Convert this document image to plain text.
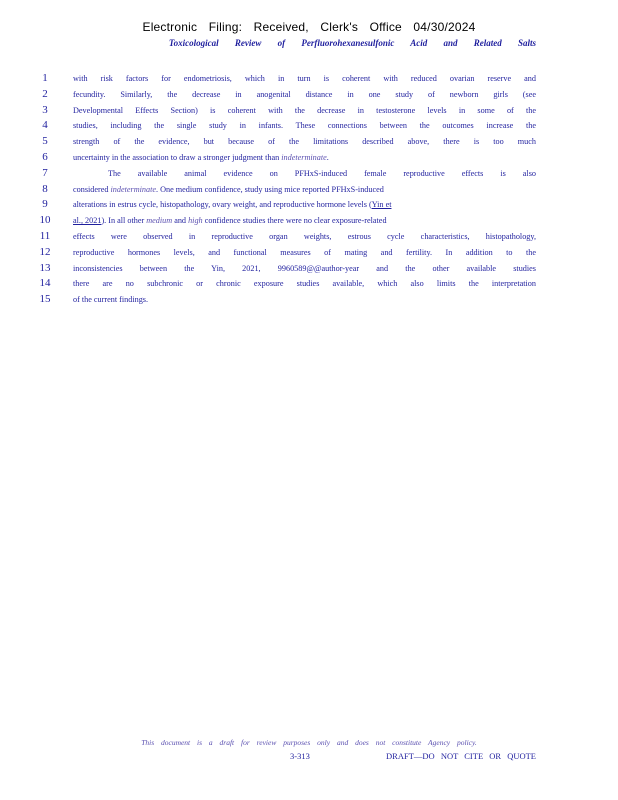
Electronic Filing: Received, Clerk's Office 04/30/2024
Toxicological Review of Perfluorohexanesulfonic Acid and Related Salts
1	with risk factors for endometriosis, which in turn is coherent with reduced ovarian reserve and
2	fecundity. Similarly, the decrease in anogenital distance in one study of newborn girls (see
3	Developmental Effects Section) is coherent with the decrease in testosterone levels in some of the
4	studies, including the single study in infants. These connections between the outcomes increase the
5	strength of the evidence, but because of the limitations described above, there is too much
6	uncertainty in the association to draw a stronger judgment than indeterminate.
7	The available animal evidence on PFHxS-induced female reproductive effects is also
8	considered indeterminate. One medium confidence, study using mice reported PFHxS-induced
9	alterations in estrus cycle, histopathology, ovary weight, and reproductive hormone levels (Yin et
10	al., 2021). In all other medium and high confidence studies there were no clear exposure-related
11	effects were observed in reproductive organ weights, estrous cycle characteristics, histopathology,
12	reproductive hormones levels, and functional measures of mating and fertility. In addition to the
13	inconsistencies between the Yin, 2021, 9960589@@author-year and the other available studies
14	there are no subchronic or chronic exposure studies available, which also limits the interpretation
15	of the current findings.
This document is a draft for review purposes only and does not constitute Agency policy.
3-313	DRAFT—DO NOT CITE OR QUOTE
